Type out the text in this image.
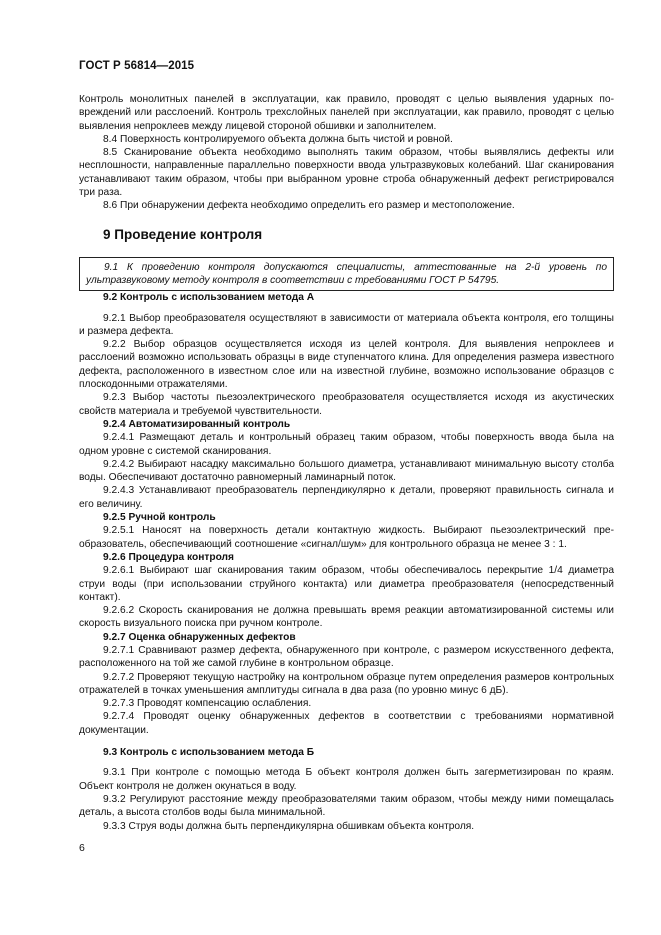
ГОСТ Р 56814—2015

Контроль монолитных панелей в эксплуатации, как правило, проводят с целью выявления ударных повреждений или расслоений. Контроль трехслойных панелей при эксплуатации, как правило, проводят с целью выявления непроклеев между лицевой стороной обшивки и заполнителем.

8.4 Поверхность контролируемого объекта должна быть чистой и ровной.

8.5 Сканирование объекта необходимо выполнять таким образом, чтобы выявлялись дефекты или несплошности, направленные параллельно поверхности ввода ультразвуковых колебаний. Шаг сканирования устанавливают таким образом, чтобы при выбранном уровне строба обнаруженный дефект регистрировался три раза.

8.6 При обнаружении дефекта необходимо определить его размер и местоположение.

9 Проведение контроля

9.1 К проведению контроля допускаются специалисты, аттестованные на 2-й уровень по ультразвуковому методу контроля в соответствии с требованиями ГОСТ Р 54795.

9.2 Контроль с использованием метода А

9.2.1 Выбор преобразователя осуществляют в зависимости от материала объекта контроля, его толщины и размера дефекта.

9.2.2 Выбор образцов осуществляется исходя из целей контроля. Для выявления непроклеев и расслоений возможно использовать образцы в виде ступенчатого клина. Для определения размера известного дефекта, расположенного в известном слое или на известной глубине, возможно использование образцов с плоскодонными отражателями.

9.2.3 Выбор частоты пьезоэлектрического преобразователя осуществляется исходя из акустических свойств материала и требуемой чувствительности.

9.2.4 Автоматизированный контроль

9.2.4.1 Размещают деталь и контрольный образец таким образом, чтобы поверхность ввода была на одном уровне с системой сканирования.

9.2.4.2 Выбирают насадку максимально большого диаметра, устанавливают минимальную высоту столба воды. Обеспечивают достаточно равномерный ламинарный поток.

9.2.4.3 Устанавливают преобразователь перпендикулярно к детали, проверяют правильность сигнала и его величину.

9.2.5 Ручной контроль

9.2.5.1 Наносят на поверхность детали контактную жидкость. Выбирают пьезоэлектрический преобразователь, обеспечивающий соотношение «сигнал/шум» для контрольного образца не менее 3 : 1.

9.2.6 Процедура контроля

9.2.6.1 Выбирают шаг сканирования таким образом, чтобы обеспечивалось перекрытие 1/4 диаметра струи воды (при использовании струйного контакта) или диаметра преобразователя (непосредственный контакт).

9.2.6.2 Скорость сканирования не должна превышать время реакции автоматизированной системы или скорость визуального поиска при ручном контроле.

9.2.7 Оценка обнаруженных дефектов

9.2.7.1 Сравнивают размер дефекта, обнаруженного при контроле, с размером искусственного дефекта, расположенного на той же самой глубине в контрольном образце.

9.2.7.2 Проверяют текущую настройку на контрольном образце путем определения размеров контрольных отражателей в точках уменьшения амплитуды сигнала в два раза (по уровню минус 6 дБ).

9.2.7.3 Проводят компенсацию ослабления.

9.2.7.4 Проводят оценку обнаруженных дефектов в соответствии с требованиями нормативной документации.

9.3 Контроль с использованием метода Б

9.3.1 При контроле с помощью метода Б объект контроля должен быть загерметизирован по краям. Объект контроля не должен окунаться в воду.

9.3.2 Регулируют расстояние между преобразователями таким образом, чтобы между ними помещалась деталь, а высота столбов воды была минимальной.

9.3.3 Струя воды должна быть перпендикулярна обшивкам объекта контроля.

6
